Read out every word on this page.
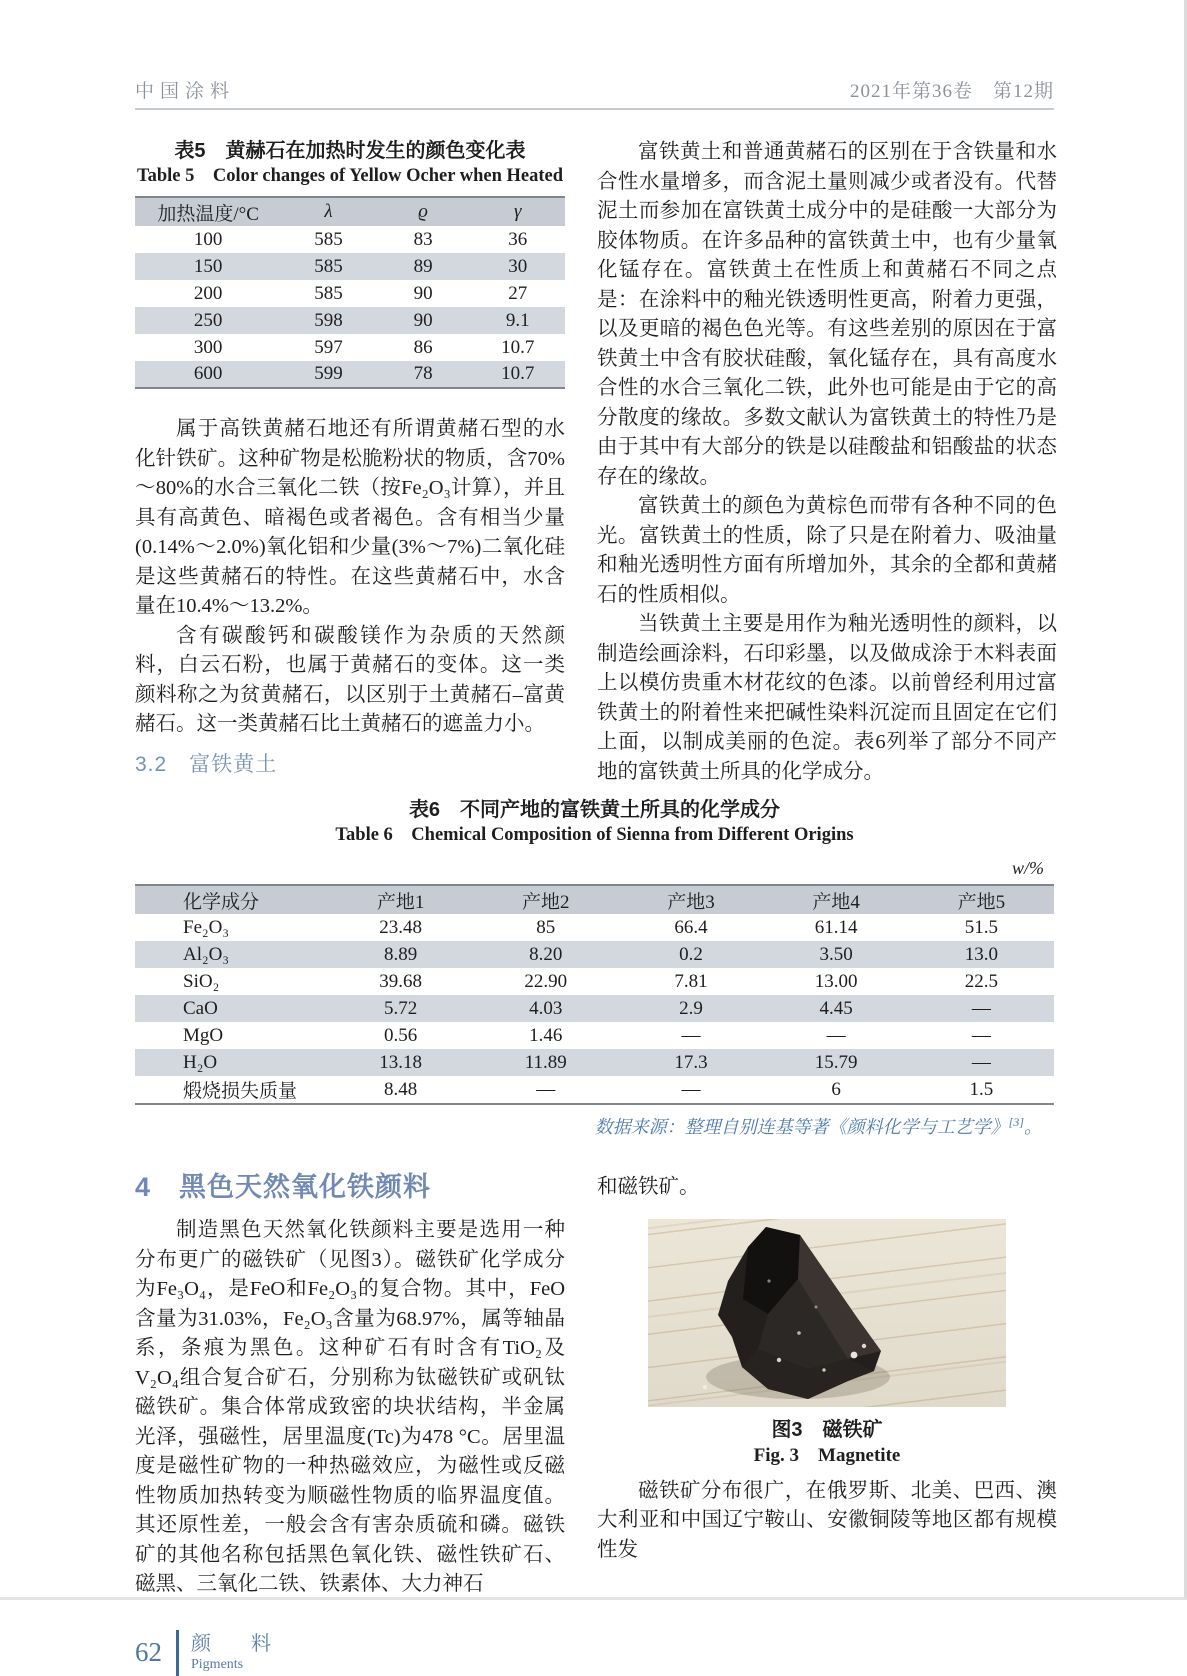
中国涂料	2021年第36卷　第12期
表5　黄赫石在加热时发生的颜色变化表
Table 5　Color changes of Yellow Ocher when Heated
加热温度/°C	λ	ϱ	γ
100	585	83	36
150	585	89	30
200	585	90	27
250	598	90	9.1
300	597	86	10.7
600	599	78	10.7

属于高铁黄赭石地还有所谓黄赭石型的水化针铁矿。这种矿物是松脆粉状的物质，含70%～80%的水合三氧化二铁（按Fe₂O₃计算），并且具有高黄色、暗褐色或者褐色。含有相当少量(0.14%～2.0%)氧化铝和少量(3%～7%)二氧化硅是这些黄赭石的特性。在这些黄赭石中，水含量在10.4%～13.2%。

含有碳酸钙和碳酸镁作为杂质的天然颜料，白云石粉，也属于黄赭石的变体。这一类颜料称之为贫黄赭石，以区别于土黄赭石–富黄赭石。这一类黄赭石比土黄赭石的遮盖力小。

3.2　富铁黄土

富铁黄土和普通黄赭石的区别在于含铁量和水合性水量增多，而含泥土量则减少或者没有。代替泥土而参加在富铁黄土成分中的是硅酸一大部分为胶体物质。在许多品种的富铁黄土中，也有少量氧化锰存在。富铁黄土在性质上和黄赭石不同之点是：在涂料中的釉光铁透明性更高，附着力更强，以及更暗的褐色色光等。有这些差别的原因在于富铁黄土中含有胶状硅酸，氧化锰存在，具有高度水合性的水合三氧化二铁，此外也可能是由于它的高分散度的缘故。多数文献认为富铁黄土的特性乃是由于其中有大部分的铁是以硅酸盐和铝酸盐的状态存在的缘故。

富铁黄土的颜色为黄棕色而带有各种不同的色光。富铁黄土的性质，除了只是在附着力、吸油量和釉光透明性方面有所增加外，其余的全都和黄赭石的性质相似。

当铁黄土主要是用作为釉光透明性的颜料，以制造绘画涂料，石印彩墨，以及做成涂于木料表面上以模仿贵重木材花纹的色漆。以前曾经利用过富铁黄土的附着性来把碱性染料沉淀而且固定在它们上面，以制成美丽的色淀。表6列举了部分不同产地的富铁黄土所具的化学成分。

表6　不同产地的富铁黄土所具的化学成分
Table 6　Chemical Composition of Sienna from Different Origins
w/%
化学成分	产地1	产地2	产地3	产地4	产地5
Fe₂O₃	23.48	85	66.4	61.14	51.5
Al₂O₃	8.89	8.20	0.2	3.50	13.0
SiO₂	39.68	22.90	7.81	13.00	22.5
CaO	5.72	4.03	2.9	4.45	—
MgO	0.56	1.46	—	—	—
H₂O	13.18	11.89	17.3	15.79	—
煅烧损失质量	8.48	—	—	6	1.5
数据来源：整理自别连基等著《颜料化学与工艺学》[3]。
4　黑色天然氧化铁颜料

制造黑色天然氧化铁颜料主要是选用一种分布更广的磁铁矿（见图3）。磁铁矿化学成分为Fe₃O₄，是FeO和Fe₂O₃的复合物。其中，FeO含量为31.03%，Fe₂O₃含量为68.97%，属等轴晶系，条痕为黑色。这种矿石有时含有TiO₂及V₂O₄组合复合矿石，分别称为钛磁铁矿或矾钛磁铁矿。集合体常成致密的块状结构，半金属光泽，强磁性，居里温度(Tc)为478 °C。居里温度是磁性矿物的一种热磁效应，为磁性或反磁性物质加热转变为顺磁性物质的临界温度值。其还原性差，一般会含有害杂质硫和磷。磁铁矿的其他名称包括黑色氧化铁、磁性铁矿石、磁黑、三氧化二铁、铁素体、大力神石

和磁铁矿。

图3　磁铁矿
Fig. 3　Magnetite

磁铁矿分布很广，在俄罗斯、北美、巴西、澳大利亚和中国辽宁鞍山、安徽铜陵等地区都有规模性发

62 颜　料
Pigments
